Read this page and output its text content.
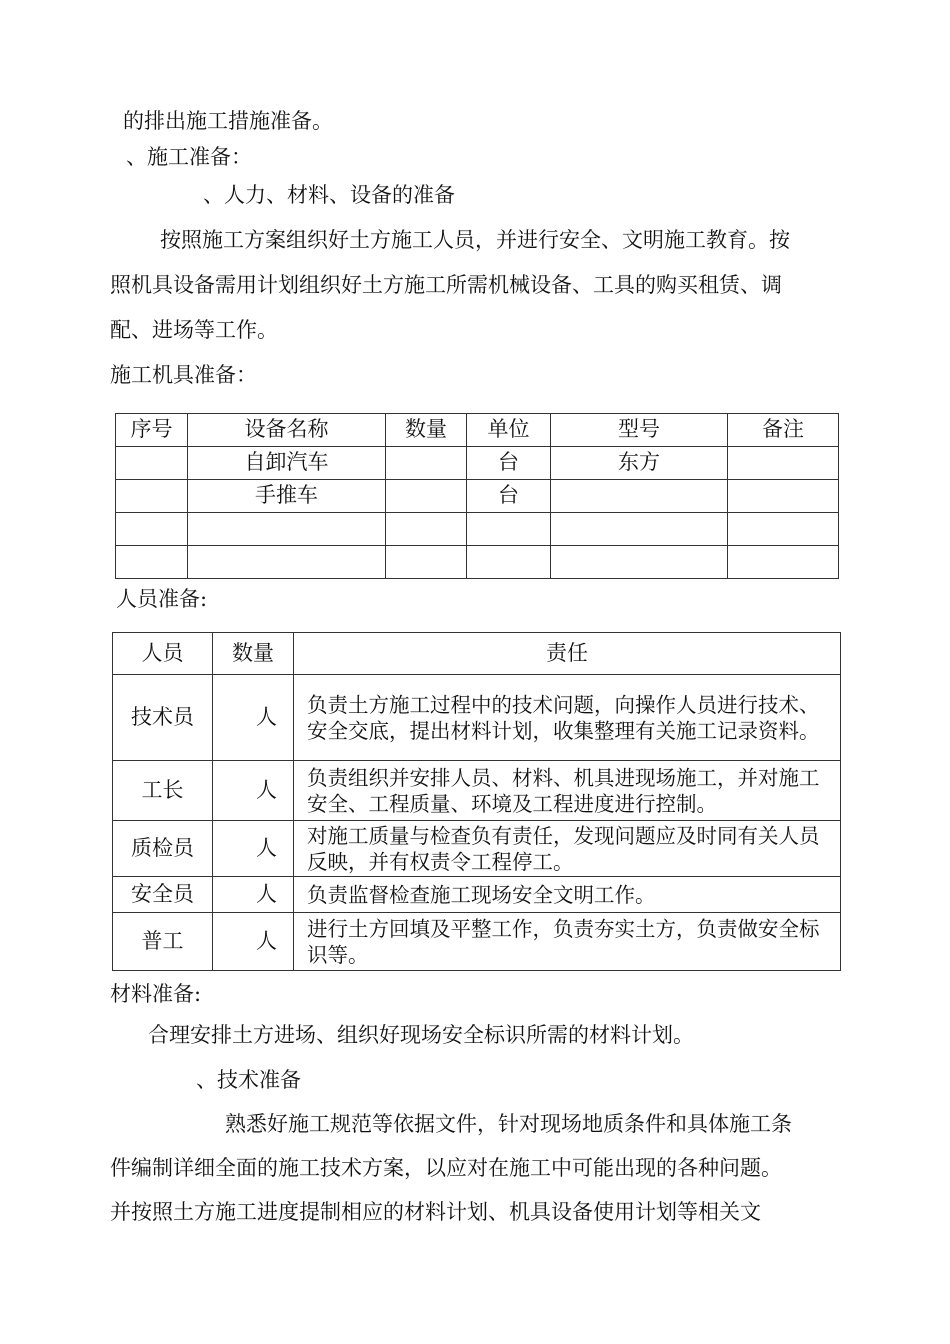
的排出施工措施准备。
、施工准备：
、人力、材料、设备的准备
按照施工方案组织好土方施工人员，并进行安全、文明施工教育。按
照机具设备需用计划组织好土方施工所需机械设备、工具的购买租赁、调
配、进场等工作。
施工机具准备：
序号	设备名称	数量	单位	型号	备注
	自卸汽车		台	东方	
	手推车		台		

人员准备:
人员	数量	责任
技术员	人	负责土方施工过程中的技术问题，向操作人员进行技术、安全交底，提出材料计划，收集整理有关施工记录资料。
工长	人	负责组织并安排人员、材料、机具进现场施工，并对施工安全、工程质量、环境及工程进度进行控制。
质检员	人	对施工质量与检查负有责任，发现问题应及时同有关人员反映，并有权责令工程停工。
安全员	人	负责监督检查施工现场安全文明工作。
普工	人	进行土方回填及平整工作，负责夯实土方，负责做安全标识等。
材料准备:
合理安排土方进场、组织好现场安全标识所需的材料计划。
、技术准备
熟悉好施工规范等依据文件，针对现场地质条件和具体施工条
件编制详细全面的施工技术方案，以应对在施工中可能出现的各种问题。
并按照土方施工进度提制相应的材料计划、机具设备使用计划等相关文
